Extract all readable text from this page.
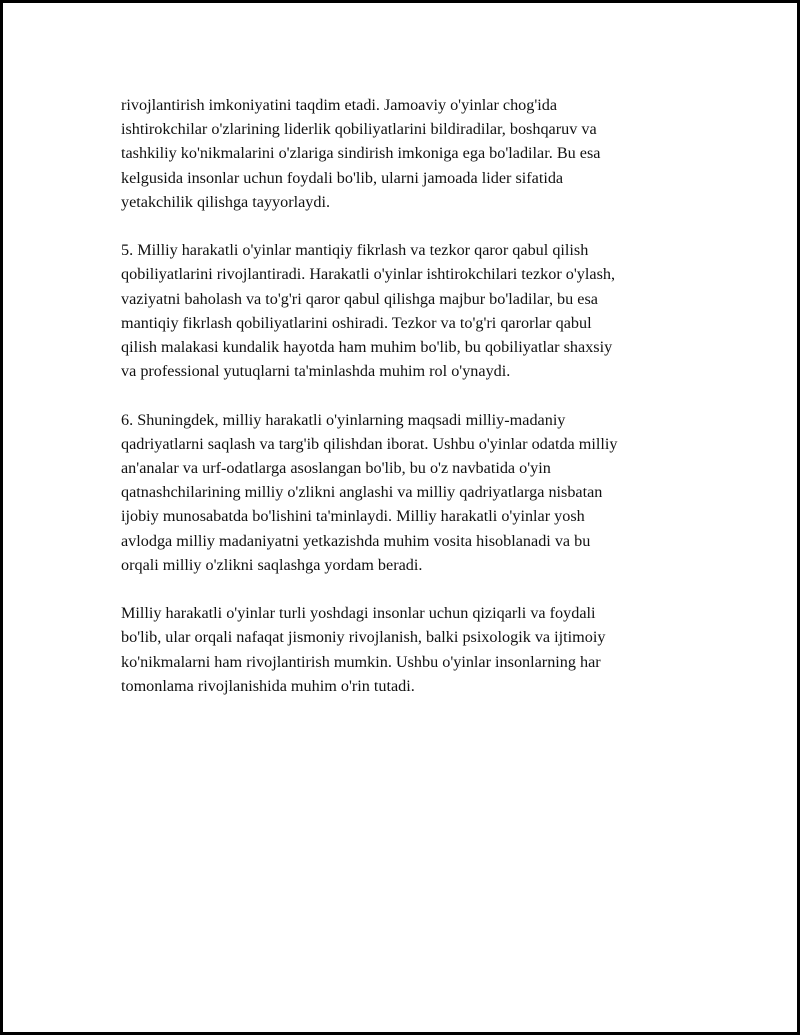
rivojlantirish imkoniyatini taqdim etadi. Jamoaviy o'yinlar chog'ida
ishtirokchilar o'zlarining liderlik qobiliyatlarini bildiradilar, boshqaruv va
tashkiliy ko'nikmalarini o'zlariga sindirish imkoniga ega bo'ladilar. Bu esa
kelgusida insonlar uchun foydali bo'lib, ularni jamoada lider sifatida
yetakchilik qilishga tayyorlaydi.

5. Milliy harakatli o'yinlar mantiqiy fikrlash va tezkor qaror qabul qilish
qobiliyatlarini rivojlantiradi. Harakatli o'yinlar ishtirokchilari tezkor o'ylash,
vaziyatni baholash va to'g'ri qaror qabul qilishga majbur bo'ladilar, bu esa
mantiqiy fikrlash qobiliyatlarini oshiradi. Tezkor va to'g'ri qarorlar qabul
qilish malakasi kundalik hayotda ham muhim bo'lib, bu qobiliyatlar shaxsiy
va professional yutuqlarni ta'minlashda muhim rol o'ynaydi.

6. Shuningdek, milliy harakatli o'yinlarning maqsadi milliy-madaniy
qadriyatlarni saqlash va targ'ib qilishdan iborat. Ushbu o'yinlar odatda milliy
an'analar va urf-odatlarga asoslangan bo'lib, bu o'z navbatida o'yin
qatnashchilarining milliy o'zlikni anglashi va milliy qadriyatlarga nisbatan
ijobiy munosabatda bo'lishini ta'minlaydi. Milliy harakatli o'yinlar yosh
avlodga milliy madaniyatni yetkazishda muhim vosita hisoblanadi va bu
orqali milliy o'zlikni saqlashga yordam beradi.

Milliy harakatli o'yinlar turli yoshdagi insonlar uchun qiziqarli va foydali
bo'lib, ular orqali nafaqat jismoniy rivojlanish, balki psixologik va ijtimoiy
ko'nikmalarni ham rivojlantirish mumkin. Ushbu o'yinlar insonlarning har
tomonlama rivojlanishida muhim o'rin tutadi.
